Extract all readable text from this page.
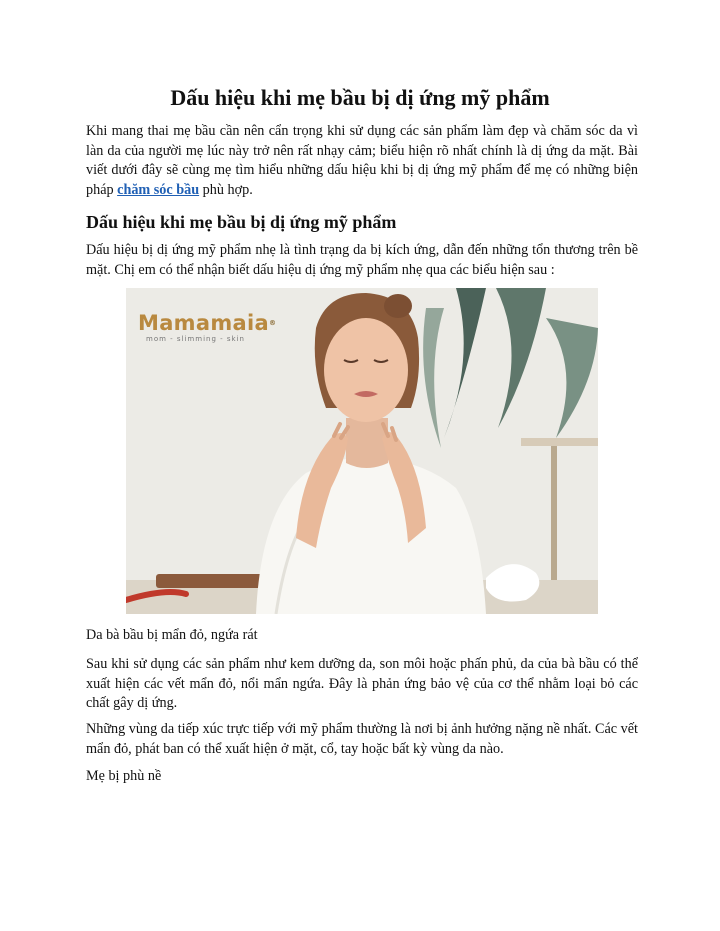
Dấu hiệu khi mẹ bầu bị dị ứng mỹ phẩm

Khi mang thai mẹ bầu cần nên cẩn trọng khi sử dụng các sản phẩm làm đẹp và chăm sóc da vì làn da của người mẹ lúc này trở nên rất nhạy cảm; biểu hiện rõ nhất chính là dị ứng da mặt. Bài viết dưới đây sẽ cùng mẹ tìm hiểu những dấu hiệu khi bị dị ứng mỹ phẩm để mẹ có những biện pháp chăm sóc bầu phù hợp.

Dấu hiệu khi mẹ bầu bị dị ứng mỹ phẩm

Dấu hiệu bị dị ứng mỹ phẩm nhẹ là tình trạng da bị kích ứng, dẫn đến những tổn thương trên bề mặt. Chị em có thể nhận biết dấu hiệu dị ứng mỹ phẩm nhẹ qua các biểu hiện sau :

Mamamaia®
mom - slimming - skin

Da bà bầu bị mẩn đỏ, ngứa rát

Sau khi sử dụng các sản phẩm như kem dưỡng da, son môi hoặc phấn phủ, da của bà bầu có thể xuất hiện các vết mẩn đỏ, nổi mẩn ngứa. Đây là phản ứng bảo vệ của cơ thể nhằm loại bỏ các chất gây dị ứng.

Những vùng da tiếp xúc trực tiếp với mỹ phẩm thường là nơi bị ảnh hưởng nặng nề nhất. Các vết mẩn đỏ, phát ban có thể xuất hiện ở mặt, cổ, tay hoặc bất kỳ vùng da nào.

Mẹ bị phù nề
